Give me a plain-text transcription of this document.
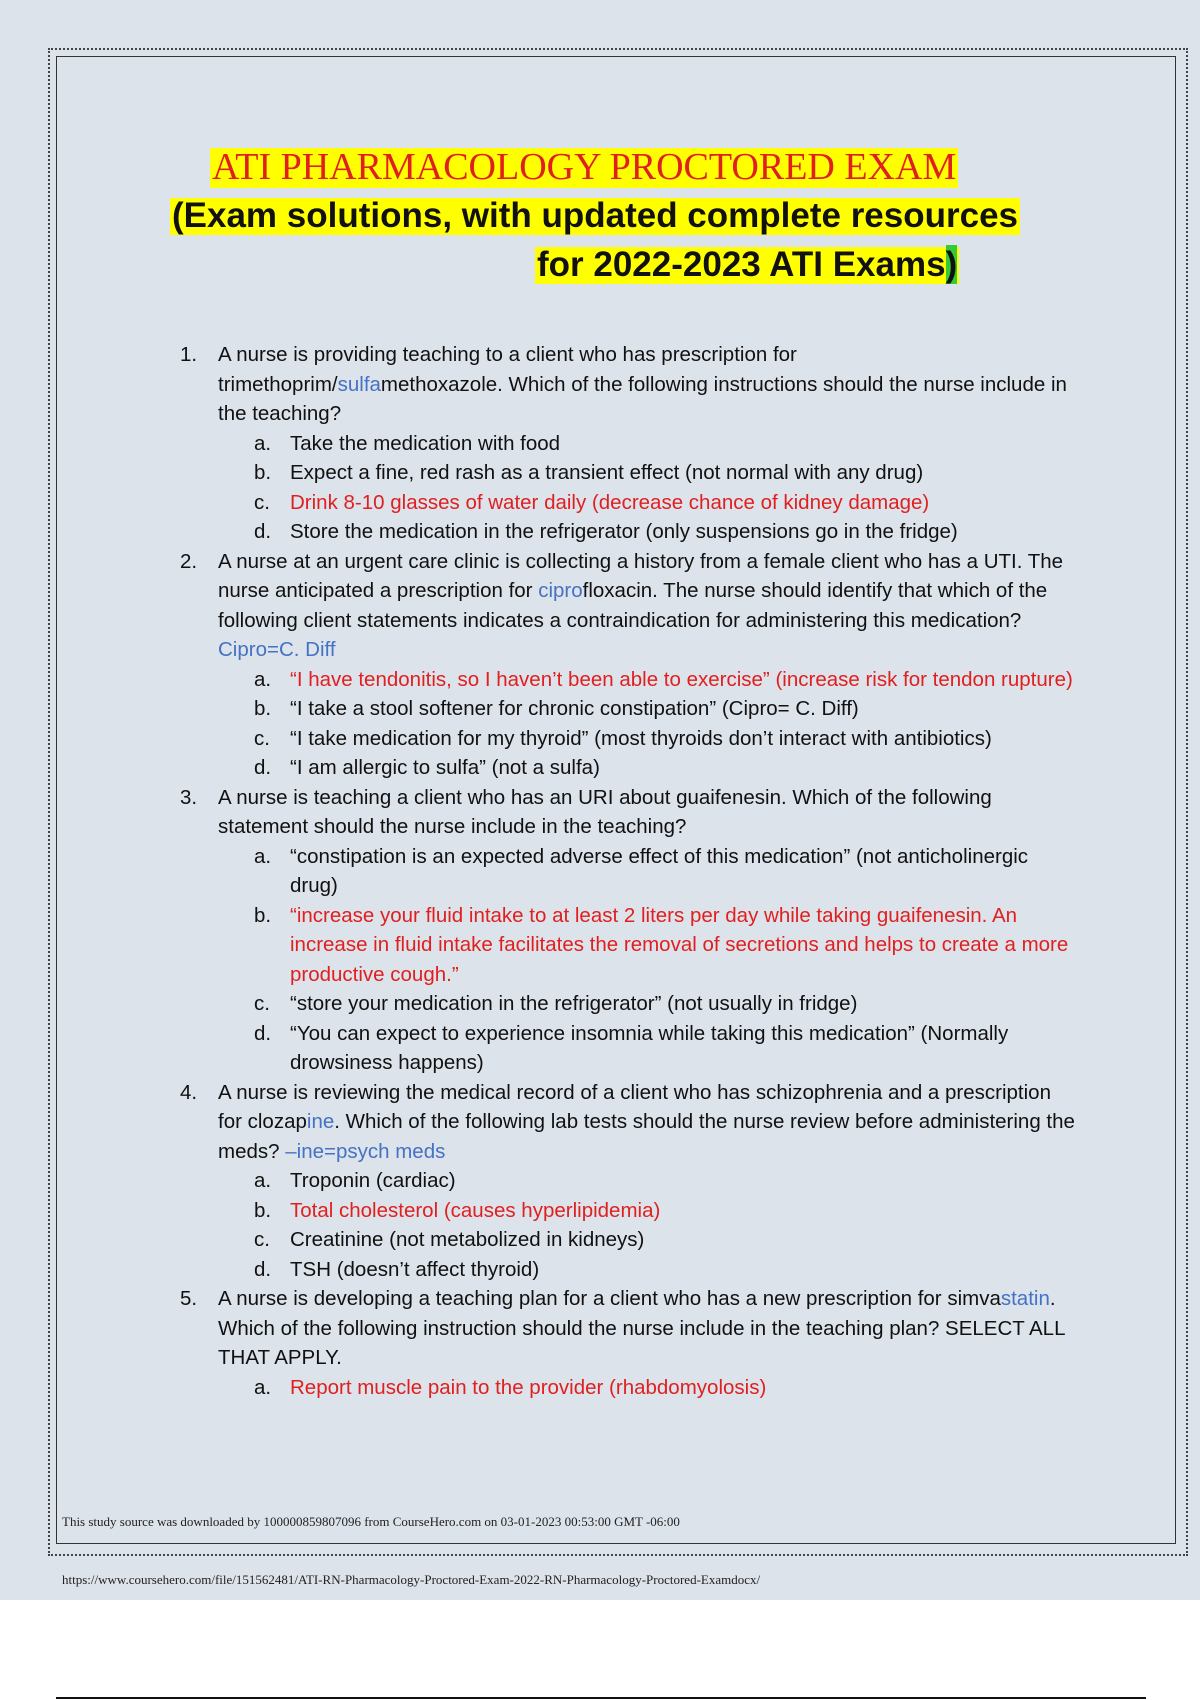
ATI PHARMACOLOGY PROCTORED EXAM
(Exam solutions, with updated complete resources
for 2022-2023 ATI Exams)
1. A nurse is providing teaching to a client who has prescription for trimethoprim/sulfamethoxazole. Which of the following instructions should the nurse include in the teaching?
a. Take the medication with food
b. Expect a fine, red rash as a transient effect (not normal with any drug)
c. Drink 8-10 glasses of water daily (decrease chance of kidney damage)
d. Store the medication in the refrigerator (only suspensions go in the fridge)
2. A nurse at an urgent care clinic is collecting a history from a female client who has a UTI. The nurse anticipated a prescription for ciprofloxacin. The nurse should identify that which of the following client statements indicates a contraindication for administering this medication? Cipro=C. Diff
a. “I have tendonitis, so I haven’t been able to exercise” (increase risk for tendon rupture)
b. “I take a stool softener for chronic constipation” (Cipro= C. Diff)
c. “I take medication for my thyroid” (most thyroids don’t interact with antibiotics)
d. “I am allergic to sulfa” (not a sulfa)
3. A nurse is teaching a client who has an URI about guaifenesin. Which of the following statement should the nurse include in the teaching?
a. “constipation is an expected adverse effect of this medication” (not anticholinergic drug)
b. “increase your fluid intake to at least 2 liters per day while taking guaifenesin. An increase in fluid intake facilitates the removal of secretions and helps to create a more productive cough.”
c. “store your medication in the refrigerator” (not usually in fridge)
d. “You can expect to experience insomnia while taking this medication” (Normally drowsiness happens)
4. A nurse is reviewing the medical record of a client who has schizophrenia and a prescription for clozapine. Which of the following lab tests should the nurse review before administering the meds? –ine=psych meds
a. Troponin (cardiac)
b. Total cholesterol (causes hyperlipidemia)
c. Creatinine (not metabolized in kidneys)
d. TSH (doesn’t affect thyroid)
5. A nurse is developing a teaching plan for a client who has a new prescription for simvastatin. Which of the following instruction should the nurse include in the teaching plan? SELECT ALL THAT APPLY.
a. Report muscle pain to the provider (rhabdomyolosis)
This study source was downloaded by 100000859807096 from CourseHero.com on 03-01-2023 00:53:00 GMT -06:00
https://www.coursehero.com/file/151562481/ATI-RN-Pharmacology-Proctored-Exam-2022-RN-Pharmacology-Proctored-Examdocx/
